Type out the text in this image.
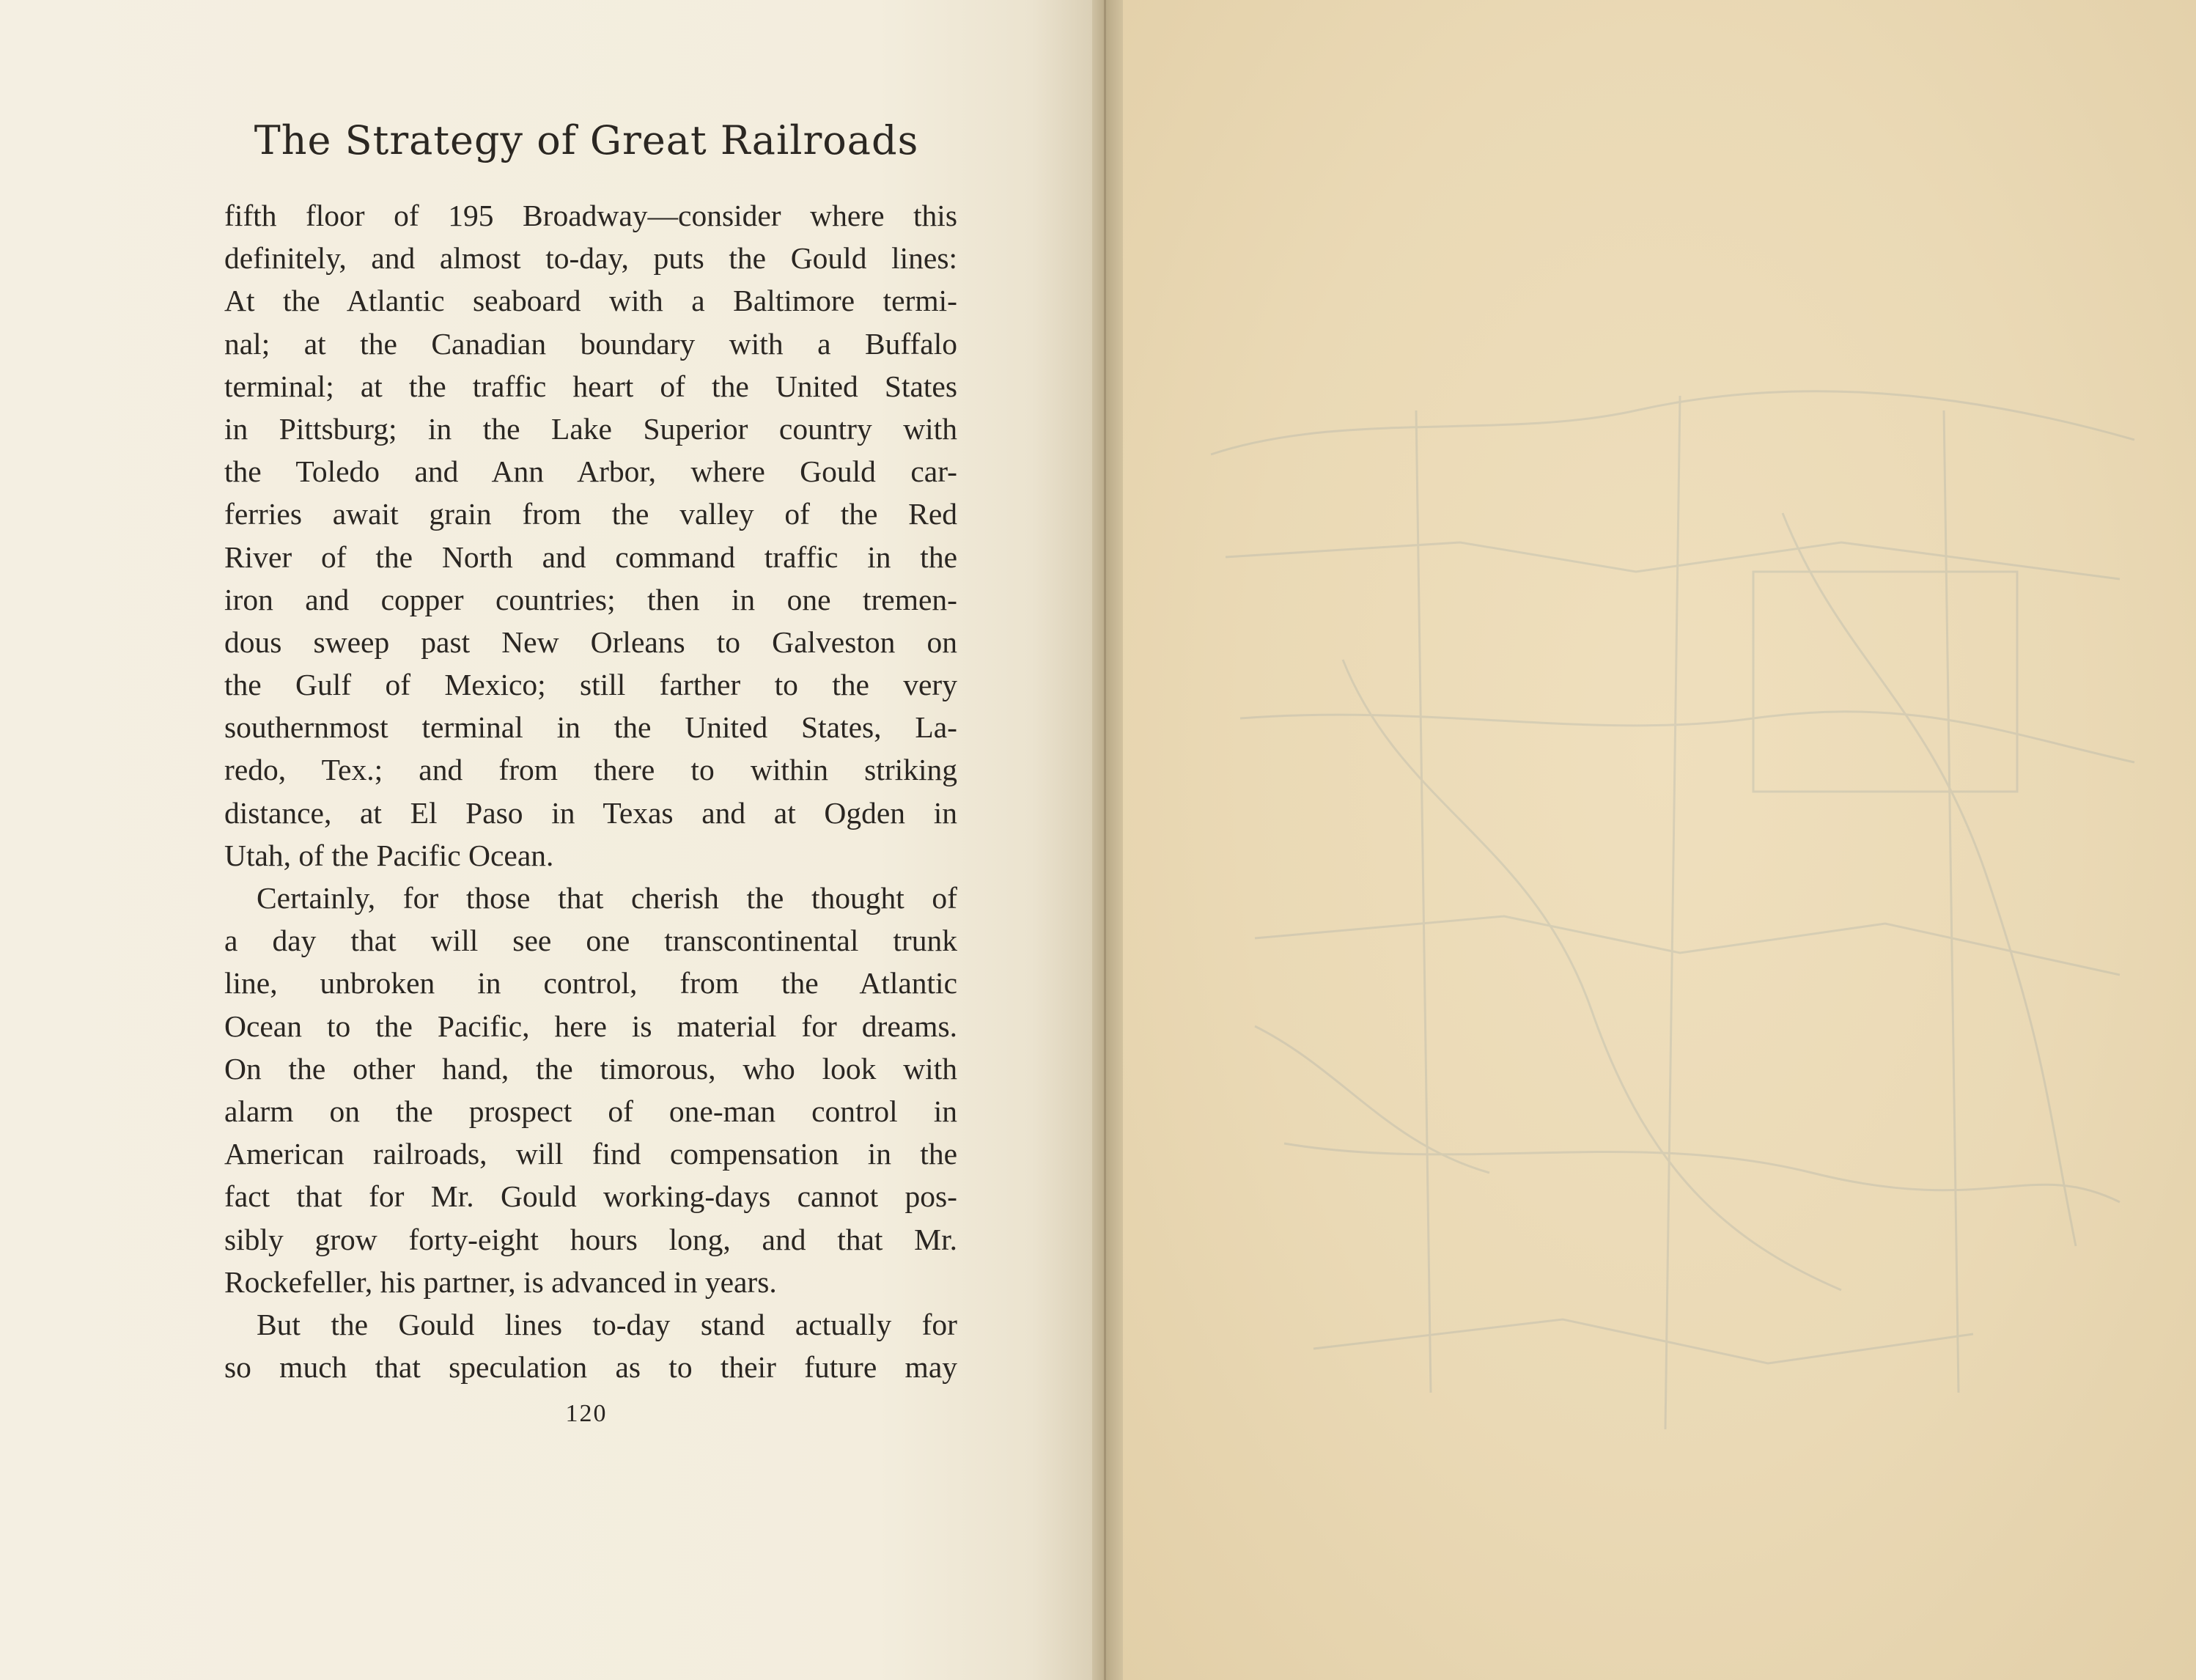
The Strategy of Great Railroads
fifth floor of 195 Broadway—consider where this
definitely, and almost to-day, puts the Gould lines:
At the Atlantic seaboard with a Baltimore termi-
nal; at the Canadian boundary with a Buffalo
terminal; at the traffic heart of the United States
in Pittsburg; in the Lake Superior country with
the Toledo and Ann Arbor, where Gould car-
ferries await grain from the valley of the Red
River of the North and command traffic in the
iron and copper countries; then in one tremen-
dous sweep past New Orleans to Galveston on
the Gulf of Mexico; still farther to the very
southernmost terminal in the United States, La-
redo, Tex.; and from there to within striking
distance, at El Paso in Texas and at Ogden in
Utah, of the Pacific Ocean.
Certainly, for those that cherish the thought of
a day that will see one transcontinental trunk
line, unbroken in control, from the Atlantic
Ocean to the Pacific, here is material for dreams.
On the other hand, the timorous, who look with
alarm on the prospect of one-man control in
American railroads, will find compensation in the
fact that for Mr. Gould working-days cannot pos-
sibly grow forty-eight hours long, and that Mr.
Rockefeller, his partner, is advanced in years.
But the Gould lines to-day stand actually for
so much that speculation as to their future may
120
